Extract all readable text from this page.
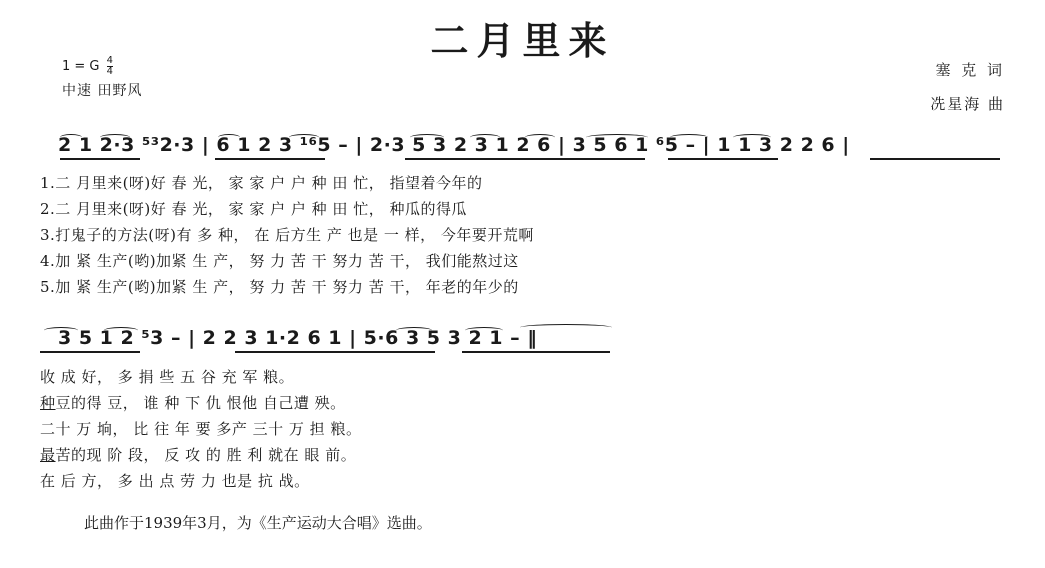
二月里来
1 = G $\frac{4}{4}$
中速 田野风
塞 克 词
冼星海 曲
2 1 2·3 ⁵³2·3 | 6 1 2 3 ¹⁶5 – | 2·3 5 3 2 3 1 2 6 | 3 5 6 1 ⁶5 – | 1 1 3 2 2 6 |
1.二 月里来(呀)好 春 光， 家 家 户 户 种 田 忙， 指望着今年的
2.二 月里来(呀)好 春 光， 家 家 户 户 种 田 忙， 种瓜的得瓜
3.打鬼子的方法(呀)有 多 种， 在 后方生 产 也是 一 样， 今年要开荒啊
4.加 紧 生产(哟)加紧 生 产， 努 力 苦 干 努力 苦 干， 我们能熬过这
5.加 紧 生产(哟)加紧 生 产， 努 力 苦 干 努力 苦 干， 年老的年少的
3 5 1 2 ⁵3 – | 2 2 3 1·2 6 1 | 5·6 3 5 3 2 1 – ‖
收 成 好， 多 捐 些 五 谷 充 军 粮。
种豆的得 豆， 谁 种 下 仇 恨他 自己遭 殃。
二十 万 垧， 比 往 年 要 多产 三十 万 担 粮。
最苦的现 阶 段， 反 攻 的 胜 利 就在 眼 前。
在 后 方， 多 出 点 劳 力 也是 抗 战。
此曲作于1939年3月，为《生产运动大合唱》选曲。
